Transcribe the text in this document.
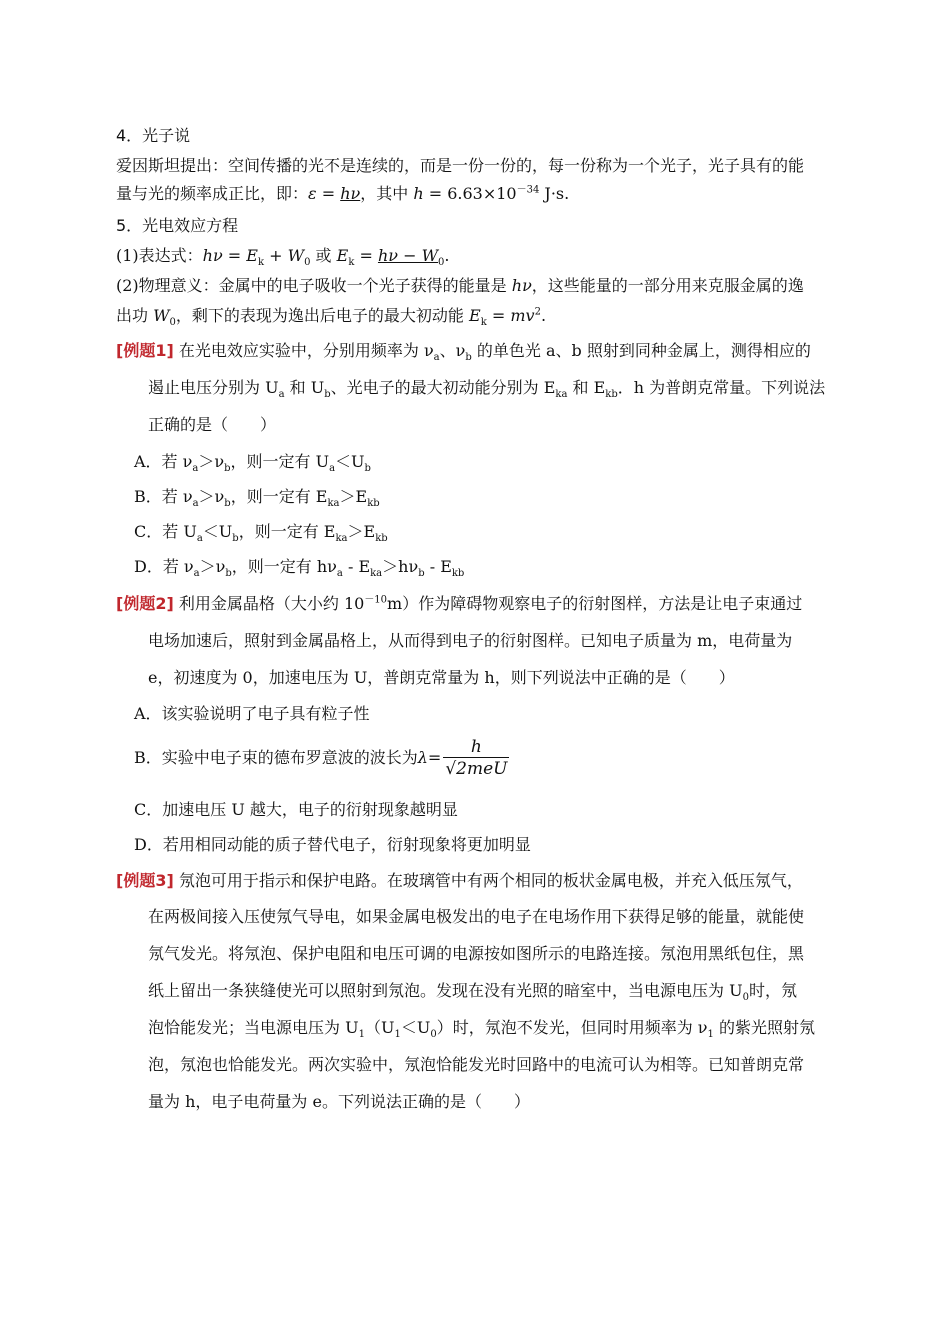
4．光子说
爱因斯坦提出：空间传播的光不是连续的，而是一份一份的，每一份称为一个光子，光子具有的能
量与光的频率成正比，即：ε = hν，其中 $h = 6.63\times 10^{-34}$ J·s.
5．光电效应方程
(1)表达式：$h\nu = E_k + W_0$ 或 $E_k = h\nu - W_0$.
(2)物理意义：金属中的电子吸收一个光子获得的能量是 hν，这些能量的一部分用来克服金属的逸
出功 $W_0$，剩下的表现为逸出后电子的最大初动能 $E_k = mv^2$.
[例题1] 在光电效应实验中，分别用频率为 $\nu_a$、$\nu_b$ 的单色光 a、b 照射到同种金属上，测得相应的
遏止电压分别为 $U_a$ 和 $U_b$、光电子的最大初动能分别为 $E_{ka}$ 和 $E_{kb}$．h 为普朗克常量。下列说法
正确的是（　　）
A．若 $\nu_a>\nu_b$，则一定有 $U_a<U_b$
B．若 $\nu_a>\nu_b$，则一定有 $E_{ka}>E_{kb}$
C．若 $U_a<U_b$，则一定有 $E_{ka}>E_{kb}$
D．若 $\nu_a>\nu_b$，则一定有 $h\nu_a - E_{ka}>h\nu_b - E_{kb}$
[例题2] 利用金属晶格（大小约 $10^{-10}m$）作为障碍物观察电子的衍射图样，方法是让电子束通过
电场加速后，照射到金属晶格上，从而得到电子的衍射图样。已知电子质量为 m，电荷量为
e，初速度为 0，加速电压为 U，普朗克常量为 h，则下列说法中正确的是（　　）
A．该实验说明了电子具有粒子性
B．实验中电子束的德布罗意波的波长为$\lambda= \frac{h}{\text{√2meU}}$
C．加速电压 U 越大，电子的衍射现象越明显
D．若用相同动能的质子替代电子，衍射现象将更加明显
[例题3] 氖泡可用于指示和保护电路。在玻璃管中有两个相同的板状金属电极，并充入低压氖气，
在两极间接入压使氖气导电，如果金属电极发出的电子在电场作用下获得足够的能量，就能使
氖气发光。将氖泡、保护电阻和电压可调的电源按如图所示的电路连接。氖泡用黑纸包住，黑
纸上留出一条狭缝使光可以照射到氖泡。发现在没有光照的暗室中，当电源电压为 $U_0$时，氖
泡恰能发光；当电源电压为 $U_1(U_1<U_0)$时，氖泡不发光，但同时用频率为 $\nu_1$ 的紫光照射氖
泡，氖泡也恰能发光。两次实验中，氖泡恰能发光时回路中的电流可认为相等。已知普朗克常
量为 h，电子电荷量为 e。下列说法正确的是（　　）
